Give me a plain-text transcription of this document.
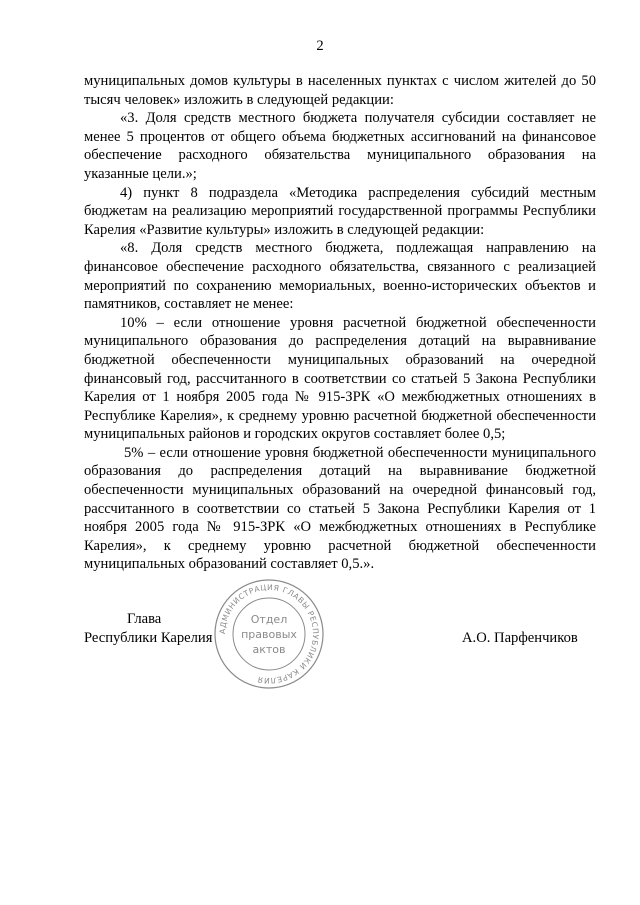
2

муниципальных домов культуры в населенных пунктах с числом жителей до 50 тысяч человек» изложить в следующей редакции:

«3. Доля средств местного бюджета получателя субсидии составляет не менее 5 процентов от общего объема бюджетных ассигнований на финансовое обеспечение расходного обязательства муниципального образования на указанные цели.»;

4) пункт 8 подраздела «Методика распределения субсидий местным бюджетам на реализацию мероприятий государственной программы Республики Карелия «Развитие культуры» изложить в следующей редакции:

«8. Доля средств местного бюджета, подлежащая направлению на финансовое обеспечение расходного обязательства, связанного с реализацией мероприятий по сохранению мемориальных, военно-исторических объектов и памятников, составляет не менее:

10% – если отношение уровня расчетной бюджетной обеспеченности муниципального образования до распределения дотаций на выравнивание бюджетной обеспеченности муниципальных образований на очередной финансовый год, рассчитанного в соответствии со статьей 5 Закона Республики Карелия от 1 ноября 2005 года № 915-ЗРК «О межбюджетных отношениях в Республике Карелия», к среднему уровню расчетной бюджетной обеспеченности муниципальных районов и городских округов составляет более 0,5;

5% – если отношение уровня бюджетной обеспеченности муниципального образования до распределения дотаций на выравнивание бюджетной обеспеченности муниципальных образований на очередной финансовый год, рассчитанного в соответствии со статьей 5 Закона Республики Карелия от 1 ноября 2005 года № 915-ЗРК «О межбюджетных отношениях в Республике Карелия», к среднему уровню расчетной бюджетной обеспеченности муниципальных образований составляет 0,5.».

АДМИНИСТРАЦИЯ ГЛАВЫ РЕСПУБЛИКИ КАРЕЛИЯ
Отдел
правовых
актов
Глава
Республики Карелия	А.О. Парфенчиков
